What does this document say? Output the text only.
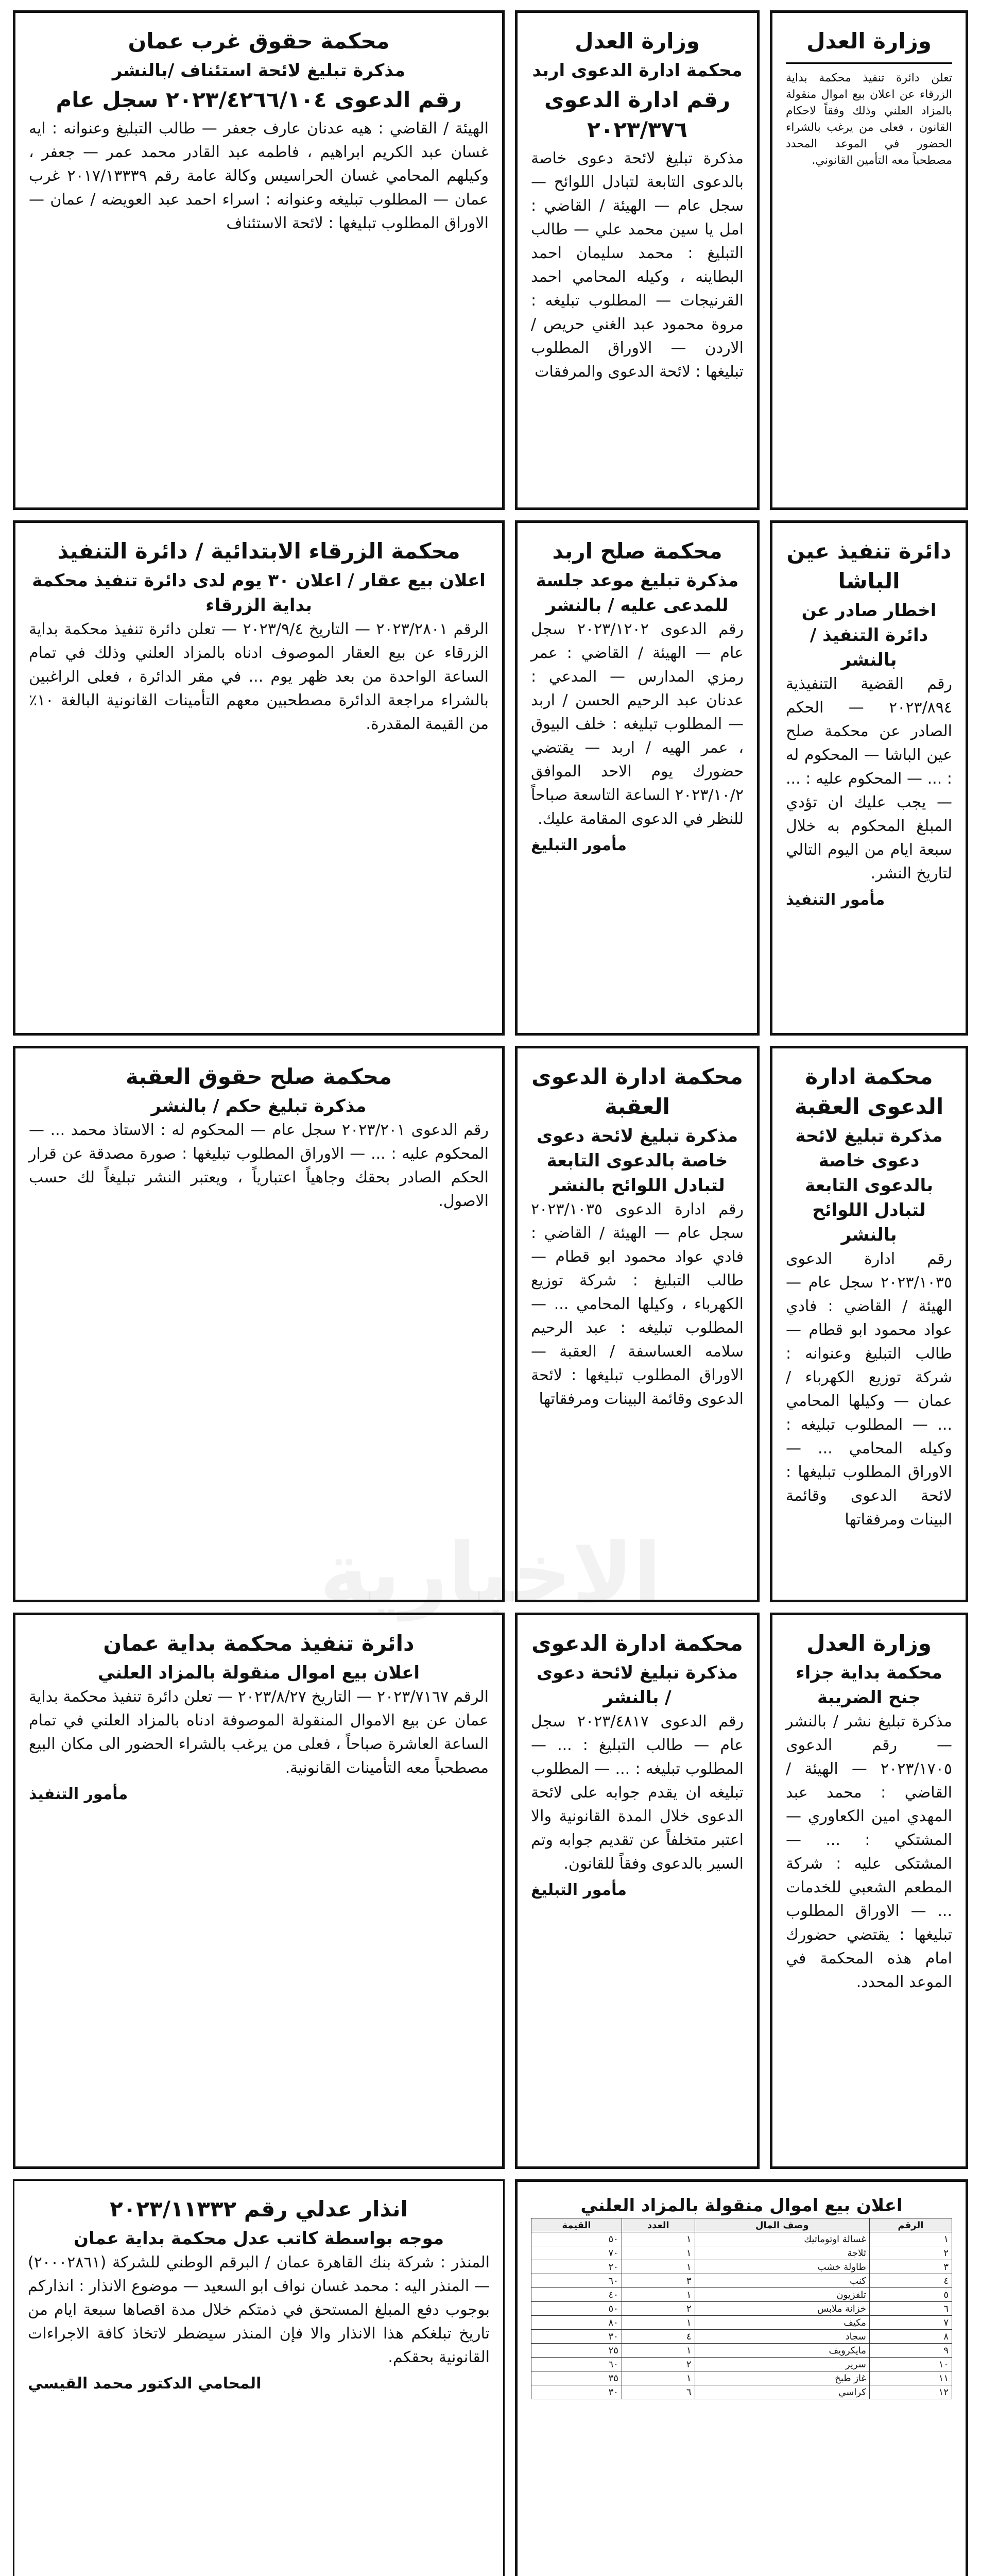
وزارة العدل
تعلن دائرة تنفيذ محكمة بداية الزرقاء عن اعلان بيع اموال منقولة بالمزاد العلني وذلك وفقاً لاحكام القانون ، فعلى من يرغب بالشراء الحضور في الموعد المحدد مصطحباً معه التأمين القانوني.
دائرة تنفيذ عين الباشا
اخطار صادر عن دائرة التنفيذ / بالنشر
رقم القضية التنفيذية ٢٠٢٣/٨٩٤ — الحكم الصادر عن محكمة صلح عين الباشا — المحكوم له : ... — المحكوم عليه : ... — يجب عليك ان تؤدي المبلغ المحكوم به خلال سبعة ايام من اليوم التالي لتاريخ النشر.
مأمور التنفيذ
محكمة ادارة الدعوى العقبة
مذكرة تبليغ لائحة دعوى خاصة بالدعوى التابعة لتبادل اللوائح بالنشر
رقم ادارة الدعوى ٢٠٢٣/١٠٣٥ سجل عام — الهيئة / القاضي : فادي عواد محمود ابو قطام — طالب التبليغ وعنوانه : شركة توزيع الكهرباء / عمان — وكيلها المحامي ... — المطلوب تبليغه : وكيله المحامي ... — الاوراق المطلوب تبليغها : لائحة الدعوى وقائمة البينات ومرفقاتها
وزارة العدل
محكمة بداية جزاء جنح الضريبة
مذكرة تبليغ نشر / بالنشر — رقم الدعوى ٢٠٢٣/١٧٠٥ — الهيئة / القاضي : محمد عبد المهدي امين الكعاوري — المشتكي : ... — المشتكى عليه : شركة المطعم الشعبي للخدمات ... — الاوراق المطلوب تبليغها : يقتضي حضورك امام هذه المحكمة في الموعد المحدد.
وزارة العدل
محكمة ادارة الدعوى اربد
رقم ادارة الدعوى ٢٠٢٣/٣٧٦
مذكرة تبليغ لائحة دعوى خاصة بالدعوى التابعة لتبادل اللوائح — سجل عام — الهيئة / القاضي : امل يا سين محمد علي — طالب التبليغ : محمد سليمان احمد البطاينه ، وكيله المحامي احمد القرنيجات — المطلوب تبليغه : مروة محمود عبد الغني حريص / الاردن — الاوراق المطلوب تبليغها : لائحة الدعوى والمرفقات
محكمة صلح اربد
مذكرة تبليغ موعد جلسة للمدعى عليه / بالنشر
رقم الدعوى ٢٠٢٣/١٢٠٢ سجل عام — الهيئة / القاضي : عمر رمزي المدارس — المدعي : عدنان عبد الرحيم الحسن / اربد — المطلوب تبليغه : خلف البيوق ، عمر الهيه / اربد — يقتضي حضورك يوم الاحد الموافق ٢٠٢٣/١٠/٢ الساعة التاسعة صباحاً للنظر في الدعوى المقامة عليك.
مأمور التبليغ
محكمة ادارة الدعوى العقبة
مذكرة تبليغ لائحة دعوى خاصة بالدعوى التابعة لتبادل اللوائح بالنشر
رقم ادارة الدعوى ٢٠٢٣/١٠٣٥ سجل عام — الهيئة / القاضي : فادي عواد محمود ابو قطام — طالب التبليغ : شركة توزيع الكهرباء ، وكيلها المحامي ... — المطلوب تبليغه : عبد الرحيم سلامه العساسفة / العقبة — الاوراق المطلوب تبليغها : لائحة الدعوى وقائمة البينات ومرفقاتها
محكمة ادارة الدعوى
مذكرة تبليغ لائحة دعوى / بالنشر
رقم الدعوى ٢٠٢٣/٤٨١٧ سجل عام — طالب التبليغ : ... — المطلوب تبليغه : ... — المطلوب تبليغه ان يقدم جوابه على لائحة الدعوى خلال المدة القانونية والا اعتبر متخلفاً عن تقديم جوابه وتم السير بالدعوى وفقاً للقانون.
مأمور التبليغ
اعلان بيع اموال منقولة بالمزاد العلني
الرقم	وصف المال	العدد	القيمة
١	غسالة اوتوماتيك	١	٥٠
٢	ثلاجة	١	٧٠
٣	طاولة خشب	١	٢٠
٤	كنب	٣	٦٠
٥	تلفزيون	١	٤٠
٦	خزانة ملابس	٢	٥٠
٧	مكيف	١	٨٠
٨	سجاد	٤	٣٠
٩	مايكرويف	١	٢٥
١٠	سرير	٢	٦٠
١١	غاز طبخ	١	٣٥
١٢	كراسي	٦	٣٠
محكمة حقوق غرب عمان
مذكرة تبليغ لائحة استئناف /بالنشر
رقم الدعوى ٢٠٢٣/٤٢٦٦/١٠٤ سجل عام
الهيئة / القاضي : هيه عدنان عارف جعفر — طالب التبليغ وعنوانه : ايه غسان عبد الكريم ابراهيم ، فاطمه عبد القادر محمد عمر — جعفر ، وكيلهم المحامي غسان الحراسيس وكالة عامة رقم ٢٠١٧/١٣٣٣٩ غرب عمان — المطلوب تبليغه وعنوانه : اسراء احمد عبد العويضه / عمان — الاوراق المطلوب تبليغها : لائحة الاستئناف
محكمة الزرقاء الابتدائية / دائرة التنفيذ
اعلان بيع عقار / اعلان ٣٠ يوم لدى دائرة تنفيذ محكمة بداية الزرقاء
الرقم ٢٠٢٣/٢٨٠١ — التاريخ ٢٠٢٣/٩/٤ — تعلن دائرة تنفيذ محكمة بداية الزرقاء عن بيع العقار الموصوف ادناه بالمزاد العلني وذلك في تمام الساعة الواحدة من بعد ظهر يوم ... في مقر الدائرة ، فعلى الراغبين بالشراء مراجعة الدائرة مصطحبين معهم التأمينات القانونية البالغة ١٠٪ من القيمة المقدرة.
محكمة صلح حقوق العقبة
مذكرة تبليغ حكم / بالنشر
رقم الدعوى ٢٠٢٣/٢٠١ سجل عام — المحكوم له : الاستاذ محمد ... — المحكوم عليه : ... — الاوراق المطلوب تبليغها : صورة مصدقة عن قرار الحكم الصادر بحقك وجاهياً اعتبارياً ، ويعتبر النشر تبليغاً لك حسب الاصول.
دائرة تنفيذ محكمة بداية عمان
اعلان بيع اموال منقولة بالمزاد العلني
الرقم ٢٠٢٣/٧١٦٧ — التاريخ ٢٠٢٣/٨/٢٧ — تعلن دائرة تنفيذ محكمة بداية عمان عن بيع الاموال المنقولة الموصوفة ادناه بالمزاد العلني في تمام الساعة العاشرة صباحاً ، فعلى من يرغب بالشراء الحضور الى مكان البيع مصطحباً معه التأمينات القانونية.
مأمور التنفيذ
انذار عدلي رقم ٢٠٢٣/١١٣٣٢
موجه بواسطة كاتب عدل محكمة بداية عمان
المنذر : شركة بنك القاهرة عمان / البرقم الوطني للشركة (٢٠٠٠٢٨٦١) — المنذر اليه : محمد غسان نواف ابو السعيد — موضوع الانذار : انذاركم بوجوب دفع المبلغ المستحق في ذمتكم خلال مدة اقصاها سبعة ايام من تاريخ تبلغكم هذا الانذار والا فإن المنذر سيضطر لاتخاذ كافة الاجراءات القانونية بحقكم.
المحامي الدكتور محمد القيسي
